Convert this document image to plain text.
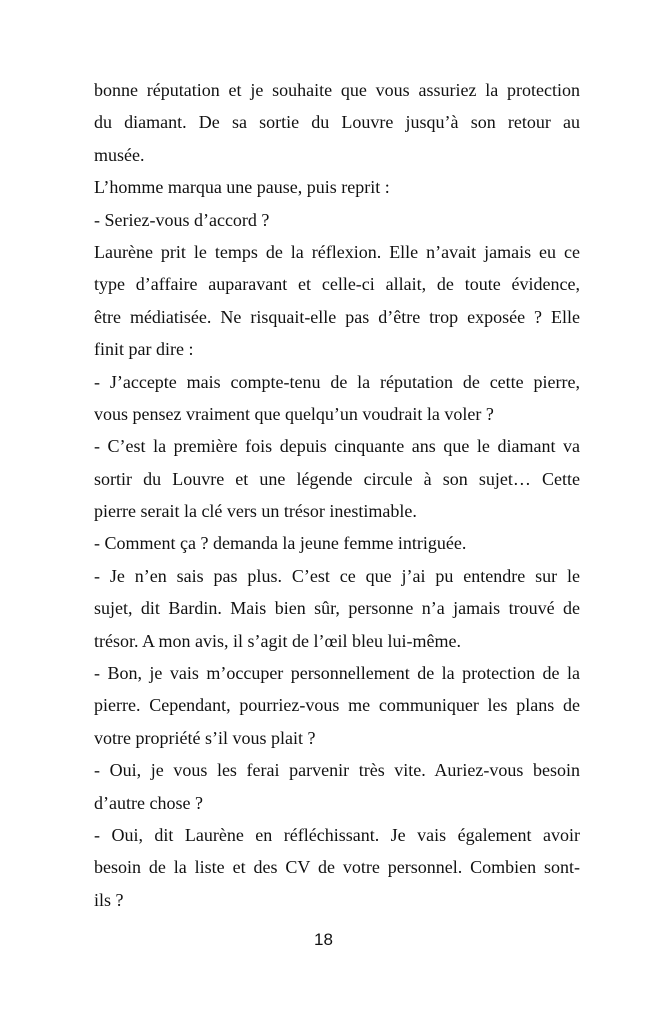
bonne réputation et je souhaite que vous assuriez la protection
du diamant. De sa sortie du Louvre jusqu’à son retour au
musée.
L’homme marqua une pause, puis reprit :
- Seriez-vous d’accord ?
Laurène prit le temps de la réflexion. Elle n’avait jamais eu ce
type d’affaire auparavant et celle-ci allait, de toute évidence,
être médiatisée. Ne risquait-elle pas d’être trop exposée ? Elle
finit par dire :
- J’accepte mais compte-tenu de la réputation de cette pierre,
vous pensez vraiment que quelqu’un voudrait la voler ?
- C’est la première fois depuis cinquante ans que le diamant va
sortir du Louvre et une légende circule à son sujet… Cette
pierre serait la clé vers un trésor inestimable.
- Comment ça ? demanda la jeune femme intriguée.
- Je n’en sais pas plus. C’est ce que j’ai pu entendre sur le
sujet, dit Bardin. Mais bien sûr, personne n’a jamais trouvé de
trésor. A mon avis, il s’agit de l’œil bleu lui-même.
- Bon, je vais m’occuper personnellement de la protection de la
pierre. Cependant, pourriez-vous me communiquer les plans de
votre propriété s’il vous plait ?
- Oui, je vous les ferai parvenir très vite. Auriez-vous besoin
d’autre chose ?
- Oui, dit Laurène en réfléchissant. Je vais également avoir
besoin de la liste et des CV de votre personnel. Combien sont-
ils ?
18
